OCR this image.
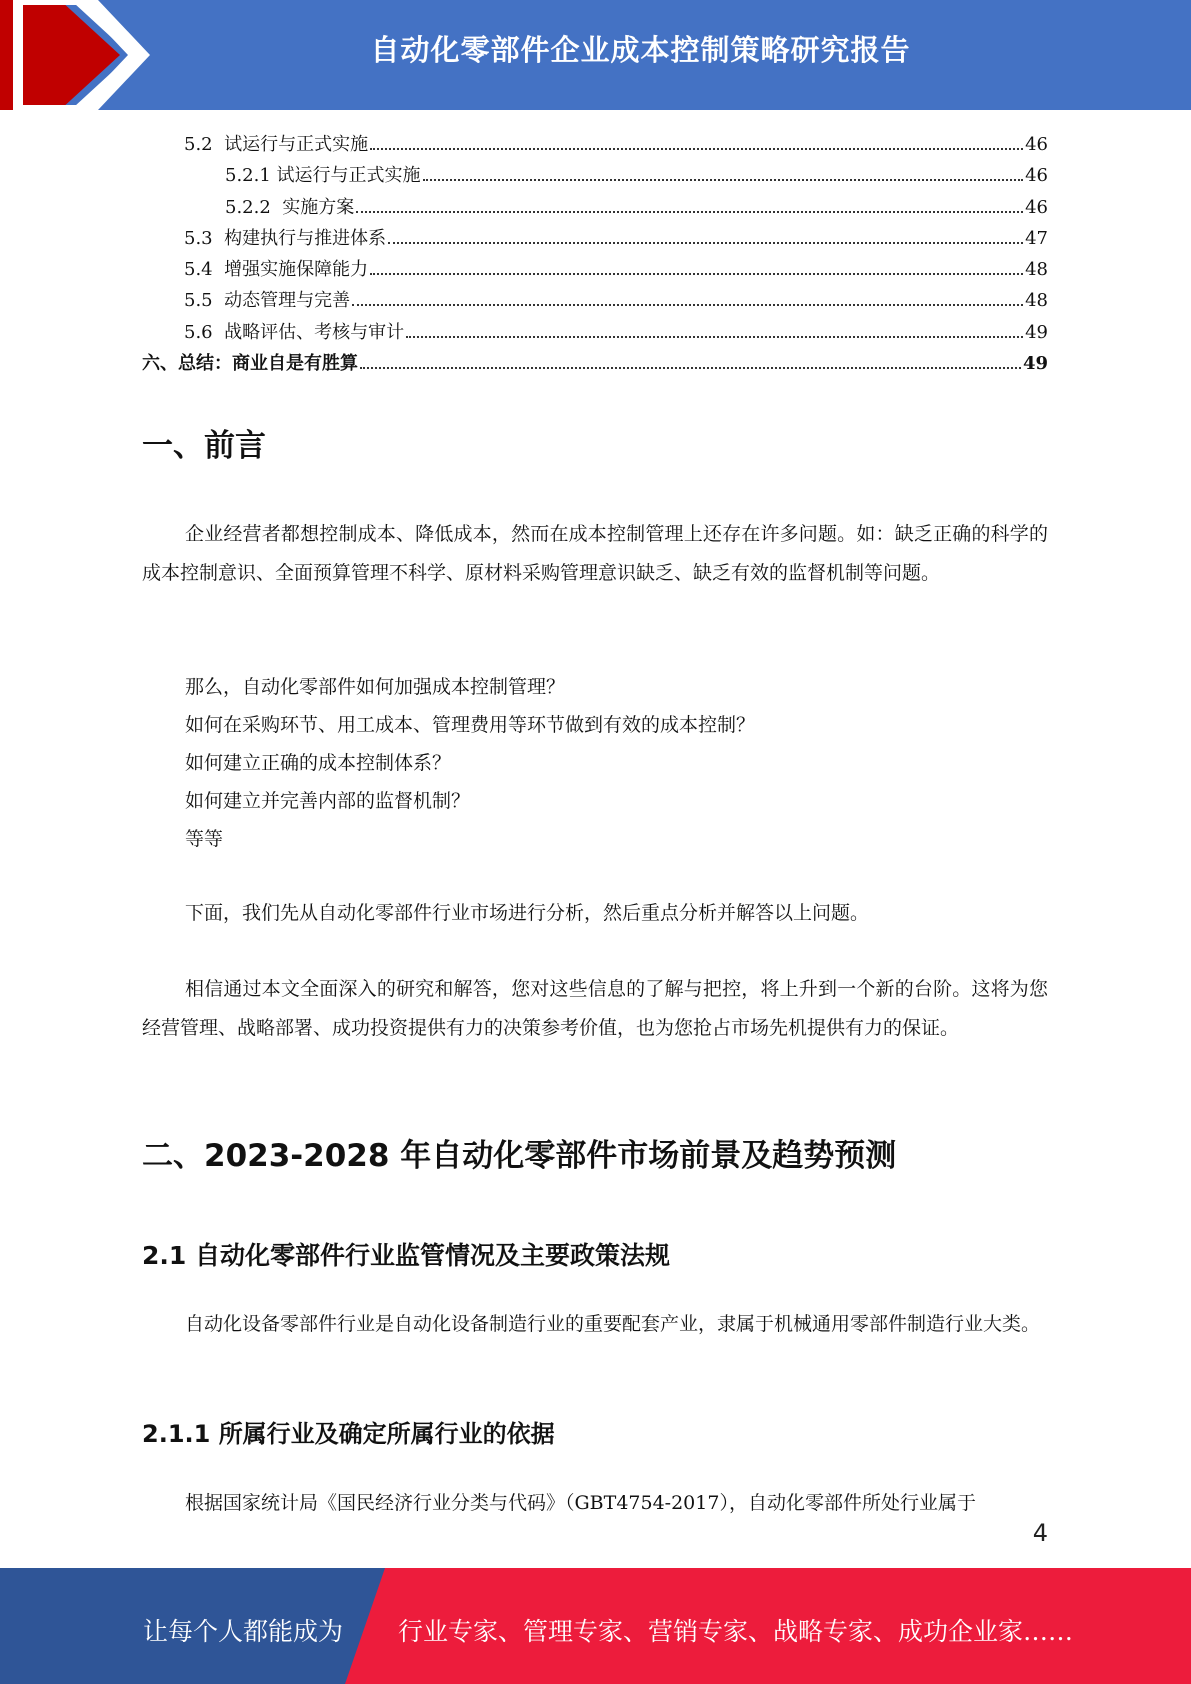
自动化零部件企业成本控制策略研究报告
5.2  试运行与正式实施	46
5.2.1 试运行与正式实施	46
5.2.2  实施方案	46
5.3  构建执行与推进体系	47
5.4  增强实施保障能力	48
5.5  动态管理与完善	48
5.6  战略评估、考核与审计	49
六、总结：商业自是有胜算	49
一、前言
企业经营者都想控制成本、降低成本，然而在成本控制管理上还存在许多问题。如：缺乏正确的科学的成本控制意识、全面预算管理不科学、原材料采购管理意识缺乏、缺乏有效的监督机制等问题。
那么，自动化零部件如何加强成本控制管理？
如何在采购环节、用工成本、管理费用等环节做到有效的成本控制？
如何建立正确的成本控制体系？
如何建立并完善内部的监督机制？
等等
下面，我们先从自动化零部件行业市场进行分析，然后重点分析并解答以上问题。
相信通过本文全面深入的研究和解答，您对这些信息的了解与把控，将上升到一个新的台阶。这将为您经营管理、战略部署、成功投资提供有力的决策参考价值，也为您抢占市场先机提供有力的保证。
二、2023-2028 年自动化零部件市场前景及趋势预测
2.1 自动化零部件行业监管情况及主要政策法规
自动化设备零部件行业是自动化设备制造行业的重要配套产业，隶属于机械通用零部件制造行业大类。
2.1.1 所属行业及确定所属行业的依据
根据国家统计局《国民经济行业分类与代码》（GBT4754-2017），自动化零部件所处行业属于
4
让每个人都能成为 行业专家、管理专家、营销专家、战略专家、成功企业家……
